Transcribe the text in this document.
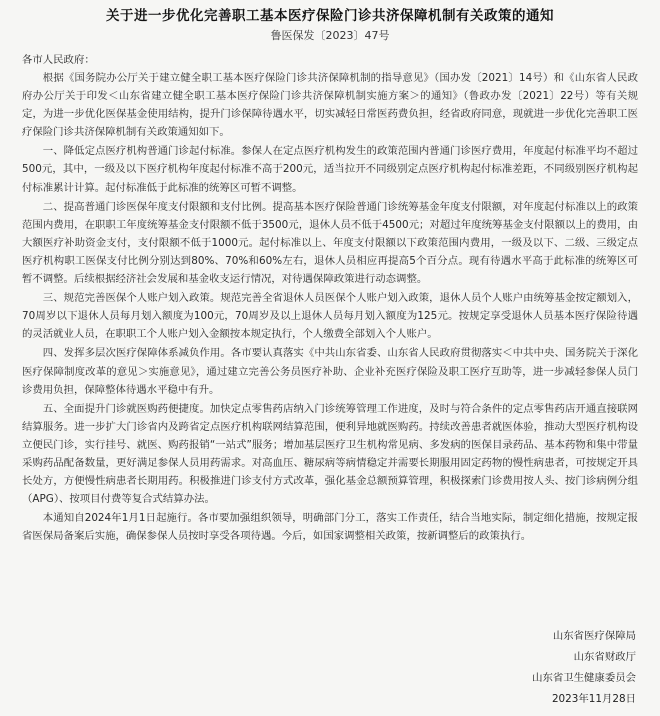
关于进一步优化完善职工基本医疗保险门诊共济保障机制有关政策的通知
鲁医保发〔2023〕47号

各市人民政府：

根据《国务院办公厅关于建立健全职工基本医疗保险门诊共济保障机制的指导意见》（国办发〔2021〕14号）和《山东省人民政府办公厅关于印发＜山东省建立健全职工基本医疗保险门诊共济保障机制实施方案＞的通知》（鲁政办发〔2021〕22号）等有关规定，为进一步优化医保基金使用结构，提升门诊保障待遇水平，切实减轻日常医药费负担，经省政府同意，现就进一步优化完善职工医疗保险门诊共济保障机制有关政策通知如下。

一、降低定点医疗机构普通门诊起付标准。参保人在定点医疗机构发生的政策范围内普通门诊医疗费用，年度起付标准平均不超过500元，其中，一级及以下医疗机构年度起付标准不高于200元，适当拉开不同级别定点医疗机构起付标准差距，不同级别医疗机构起付标准累计计算。起付标准低于此标准的统筹区可暂不调整。

二、提高普通门诊医保年度支付限额和支付比例。提高基本医疗保险普通门诊统筹基金年度支付限额，对年度起付标准以上的政策范围内费用，在职职工年度统筹基金支付限额不低于3500元，退休人员不低于4500元；对超过年度统筹基金支付限额以上的费用，由大额医疗补助资金支付，支付限额不低于1000元。起付标准以上、年度支付限额以下政策范围内费用，一级及以下、二级、三级定点医疗机构职工医保支付比例分别达到80%、70%和60%左右，退休人员相应再提高5个百分点。现有待遇水平高于此标准的统筹区可暂不调整。后续根据经济社会发展和基金收支运行情况，对待遇保障政策进行动态调整。

三、规范完善医保个人账户划入政策。规范完善全省退休人员医保个人账户划入政策，退休人员个人账户由统筹基金按定额划入，70周岁以下退休人员每月划入额度为100元，70周岁及以上退休人员每月划入额度为125元。按规定享受退休人员基本医疗保险待遇的灵活就业人员，在职职工个人账户划入金额按本规定执行，个人缴费全部划入个人账户。

四、发挥多层次医疗保障体系减负作用。各市要认真落实《中共山东省委、山东省人民政府贯彻落实＜中共中央、国务院关于深化医疗保障制度改革的意见＞实施意见》，通过建立完善公务员医疗补助、企业补充医疗保险及职工医疗互助等，进一步减轻参保人员门诊费用负担，保障整体待遇水平稳中有升。

五、全面提升门诊就医购药便捷度。加快定点零售药店纳入门诊统筹管理工作进度，及时与符合条件的定点零售药店开通直接联网结算服务。进一步扩大门诊省内及跨省定点医疗机构联网结算范围，便利异地就医购药。持续改善患者就医体验，推动大型医疗机构设立便民门诊，实行挂号、就医、购药报销“一站式”服务；增加基层医疗卫生机构常见病、多发病的医保目录药品、基本药物和集中带量采购药品配备数量，更好满足参保人员用药需求。对高血压、糖尿病等病情稳定并需要长期服用固定药物的慢性病患者，可按规定开具长处方，方便慢性病患者长期用药。积极推进门诊支付方式改革，强化基金总额预算管理，积极探索门诊费用按人头、按门诊病例分组（APG）、按项目付费等复合式结算办法。

本通知自2024年1月1日起施行。各市要加强组织领导，明确部门分工，落实工作责任，结合当地实际，制定细化措施，按规定报省医保局备案后实施，确保参保人员按时享受各项待遇。今后，如国家调整相关政策，按新调整后的政策执行。

山东省医疗保障局
山东省财政厅
山东省卫生健康委员会
2023年11月28日
